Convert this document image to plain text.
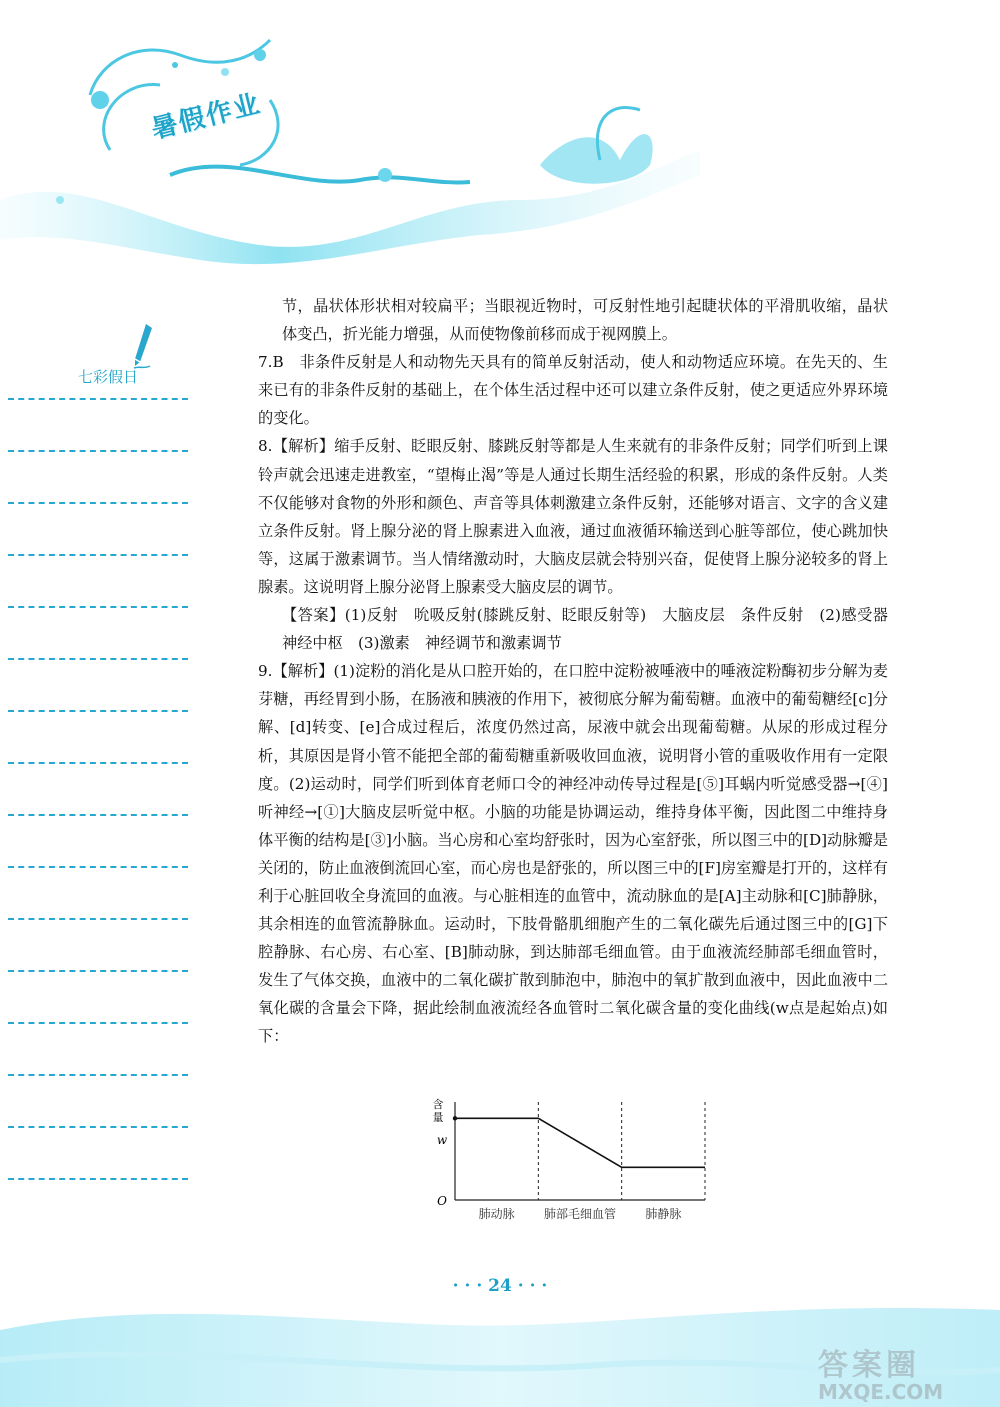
暑假作业
七彩假日

节，晶状体形状相对较扁平；当眼视近物时，可反射性地引起睫状体的平滑肌收缩，晶状体变凸，折光能力增强，从而使物像前移而成于视网膜上。

7.B　非条件反射是人和动物先天具有的简单反射活动，使人和动物适应环境。在先天的、生来已有的非条件反射的基础上，在个体生活过程中还可以建立条件反射，使之更适应外界环境的变化。

8.【解析】缩手反射、眨眼反射、膝跳反射等都是人生来就有的非条件反射；同学们听到上课铃声就会迅速走进教室，“望梅止渴”等是人通过长期生活经验的积累，形成的条件反射。人类不仅能够对食物的外形和颜色、声音等具体刺激建立条件反射，还能够对语言、文字的含义建立条件反射。肾上腺分泌的肾上腺素进入血液，通过血液循环输送到心脏等部位，使心跳加快等，这属于激素调节。当人情绪激动时，大脑皮层就会特别兴奋，促使肾上腺分泌较多的肾上腺素。这说明肾上腺分泌肾上腺素受大脑皮层的调节。

【答案】(1)反射　吮吸反射(膝跳反射、眨眼反射等)　大脑皮层　条件反射　(2)感受器　神经中枢　(3)激素　神经调节和激素调节

9.【解析】(1)淀粉的消化是从口腔开始的，在口腔中淀粉被唾液中的唾液淀粉酶初步分解为麦芽糖，再经胃到小肠，在肠液和胰液的作用下，被彻底分解为葡萄糖。血液中的葡萄糖经[c]分解、[d]转变、[e]合成过程后，浓度仍然过高，尿液中就会出现葡萄糖。从尿的形成过程分析，其原因是肾小管不能把全部的葡萄糖重新吸收回血液，说明肾小管的重吸收作用有一定限度。(2)运动时，同学们听到体育老师口令的神经冲动传导过程是[⑤]耳蜗内听觉感受器→[④]听神经→[①]大脑皮层听觉中枢。小脑的功能是协调运动，维持身体平衡，因此图二中维持身体平衡的结构是[③]小脑。当心房和心室均舒张时，因为心室舒张，所以图三中的[D]动脉瓣是关闭的，防止血液倒流回心室，而心房也是舒张的，所以图三中的[F]房室瓣是打开的，这样有利于心脏回收全身流回的血液。与心脏相连的血管中，流动脉血的是[A]主动脉和[C]肺静脉，其余相连的血管流静脉血。运动时，下肢骨骼肌细胞产生的二氧化碳先后通过图三中的[G]下腔静脉、右心房、右心室、[B]肺动脉，到达肺部毛细血管。由于血液流经肺部毛细血管时，发生了气体交换，血液中的二氧化碳扩散到肺泡中，肺泡中的氧扩散到血液中，因此血液中二氧化碳的含量会下降，据此绘制血液流经各血管时二氧化碳含量的变化曲线(w点是起始点)如下：

含
量
w
O
肺动脉 肺部毛细血管 肺静脉
· · · 24 · · ·
答案圈
MXQE.COM
